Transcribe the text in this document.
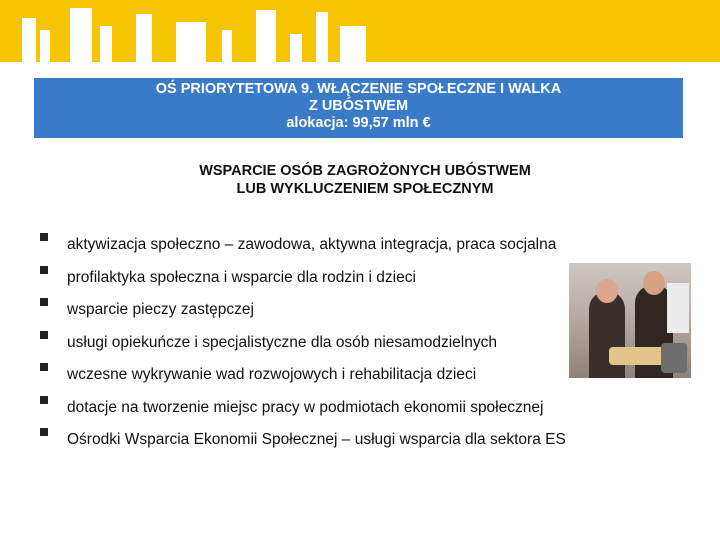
OŚ PRIORYTETOWA 9. WŁĄCZENIE SPOŁECZNE I WALKA
Z UBÓSTWEM
alokacja: 99,57 mln €
WSPARCIE OSÓB ZAGROŻONYCH UBÓSTWEM
LUB WYKLUCZENIEM SPOŁECZNYM
aktywizacja społeczno – zawodowa, aktywna integracja, praca socjalna
profilaktyka społeczna i wsparcie dla rodzin i dzieci
wsparcie pieczy zastępczej
usługi opiekuńcze i specjalistyczne dla osób niesamodzielnych
wczesne wykrywanie wad rozwojowych i rehabilitacja dzieci
dotacje na tworzenie miejsc pracy w podmiotach ekonomii społecznej
Ośrodki Wsparcia Ekonomii Społecznej – usługi wsparcia dla sektora ES
